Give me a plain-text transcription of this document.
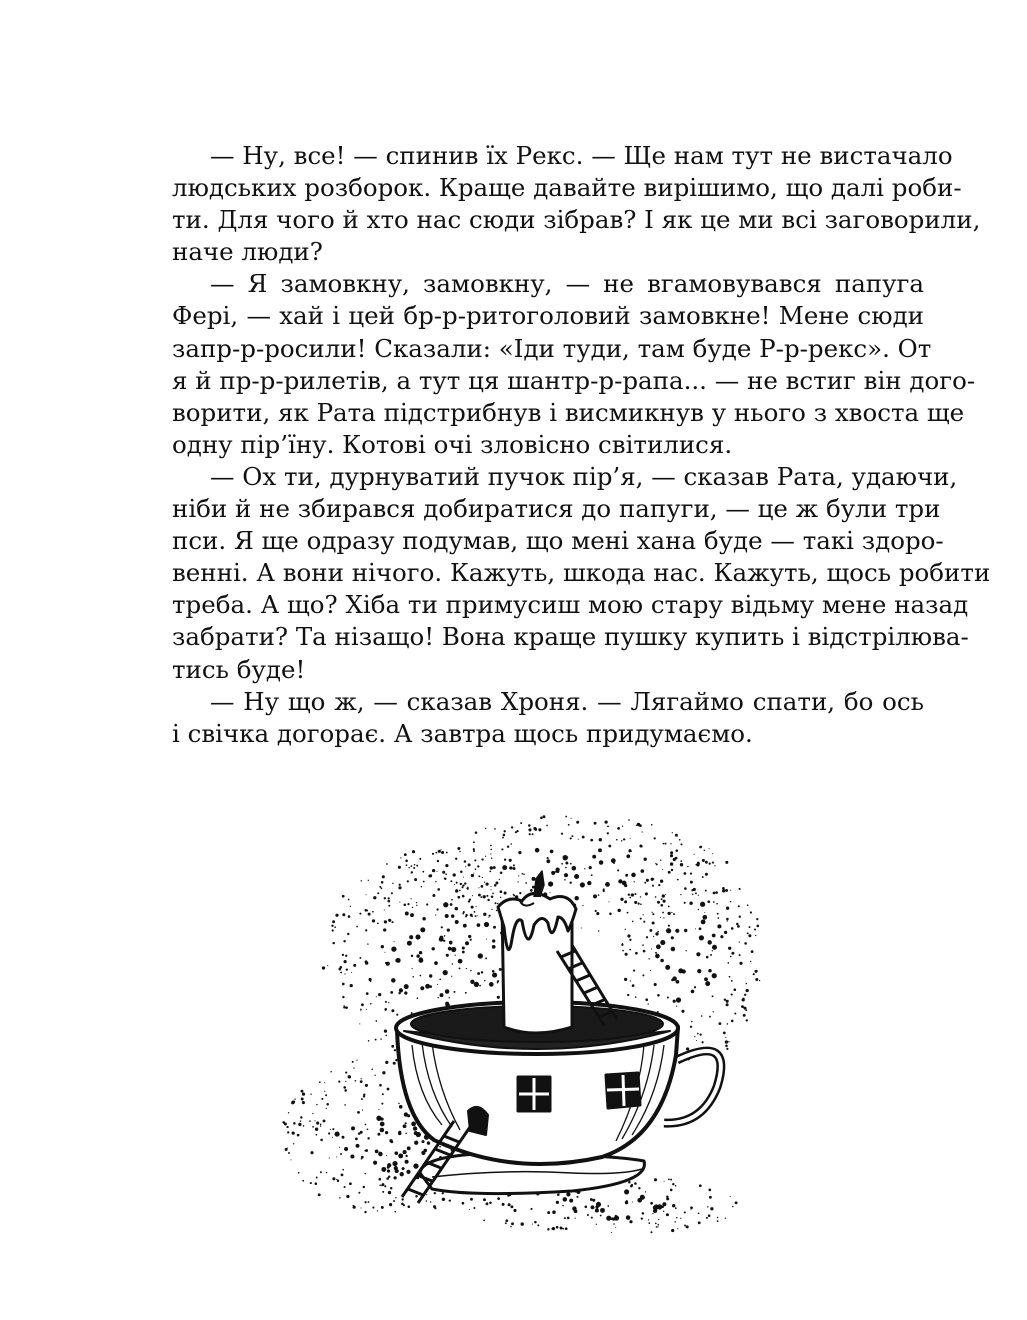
— Ну, все! — спинив їх Рекс. — Ще нам тут не вистачало
людських розборок. Краще давайте вирішимо, що далі роби-
ти. Для чого й хто нас сюди зібрав? І як це ми всі заговорили,
наче люди?
— Я замовкну, замовкну, — не вгамовувався папуга
Фері, — хай і цей бр-р-ритоголовий замовкне! Мене сюди
запр-р-росили! Сказали: «Іди туди, там буде Р-р-рекс». От
я й пр-р-рилетів, а тут ця шантр-р-рапа... — не встиг він дого-
ворити, як Рата підстрибнув і висмикнув у нього з хвоста ще
одну пір’їну. Котові очі зловісно світилися.
— Ох ти, дурнуватий пучок пір’я, — сказав Рата, удаючи,
ніби й не збирався добиратися до папуги, — це ж були три
пси. Я ще одразу подумав, що мені хана буде — такі здоро-
венні. А вони нічого. Кажуть, шкода нас. Кажуть, щось робити
треба. А що? Хіба ти примусиш мою стару відьму мене назад
забрати? Та нізащо! Вона краще пушку купить і відстрілюва-
тись буде!
— Ну що ж, — сказав Хроня. — Лягаймо спати, бо ось
і свічка догорає. А завтра щось придумаємо.
